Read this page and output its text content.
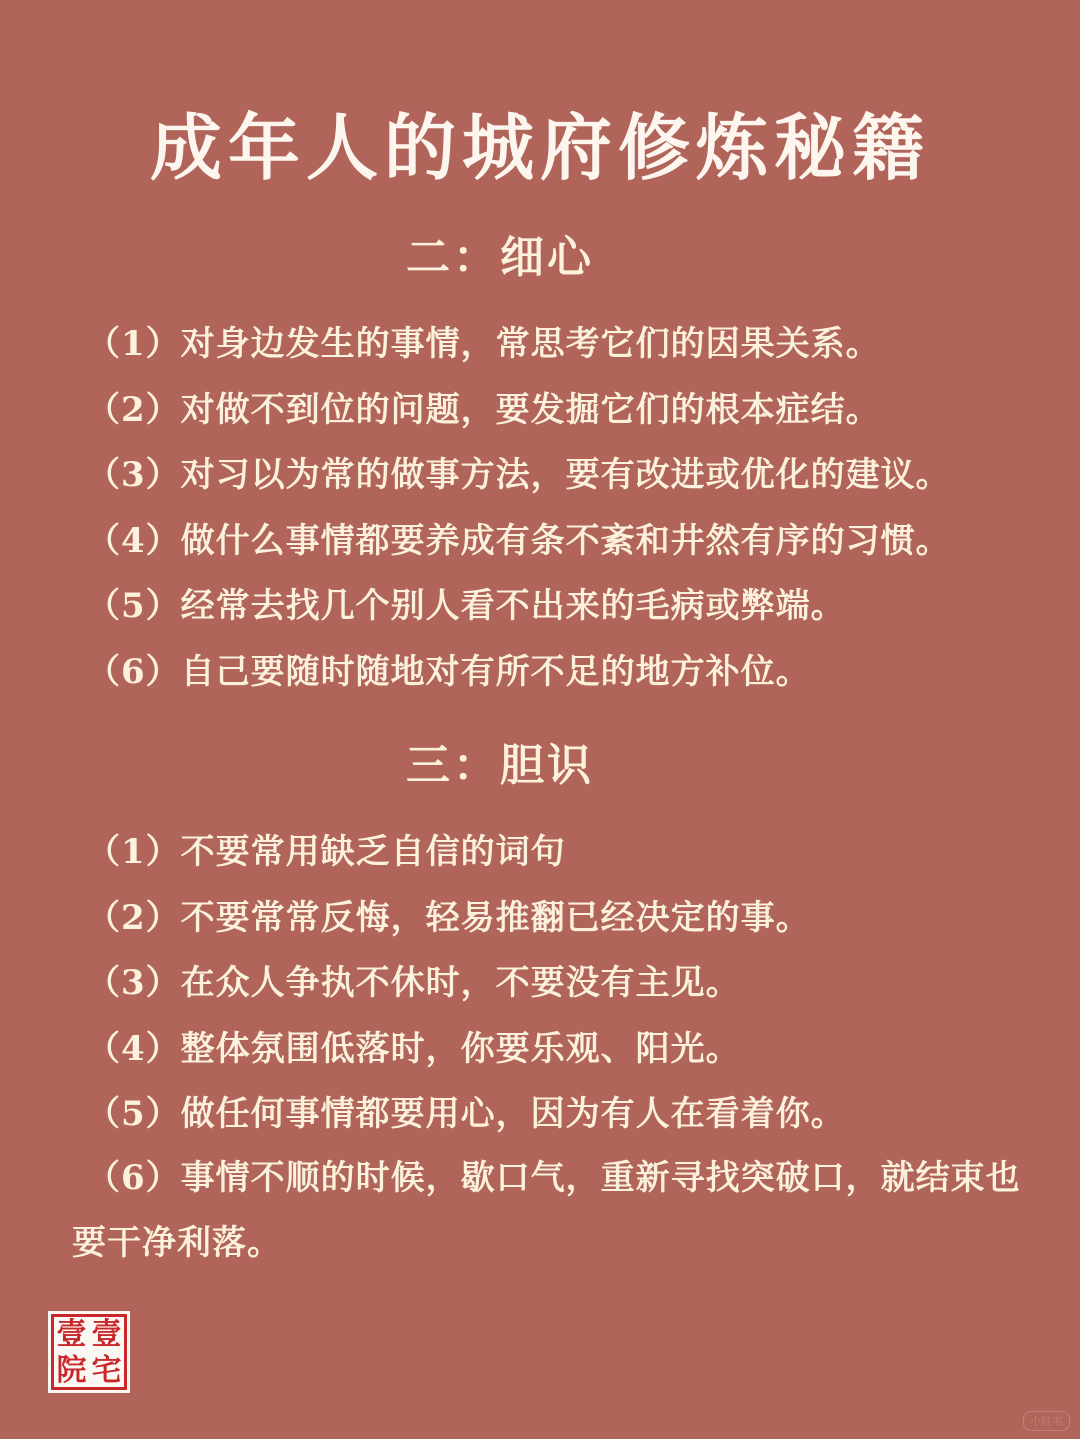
成年人的城府修炼秘籍
二：细心
（1）对身边发生的事情，常思考它们的因果关系。
（2）对做不到位的问题，要发掘它们的根本症结。
（3）对习以为常的做事方法，要有改进或优化的建议。
（4）做什么事情都要养成有条不紊和井然有序的习惯。
（5）经常去找几个别人看不出来的毛病或弊端。
（6）自己要随时随地对有所不足的地方补位。
三：胆识
（1）不要常用缺乏自信的词句
（2）不要常常反悔，轻易推翻已经决定的事。
（3）在众人争执不休时，不要没有主见。
（4）整体氛围低落时，你要乐观、阳光。
（5）做任何事情都要用心，因为有人在看着你。
（6）事情不顺的时候，歇口气，重新寻找突破口，就结束也要干净利落。
壹 壹
院 宅
小红书
